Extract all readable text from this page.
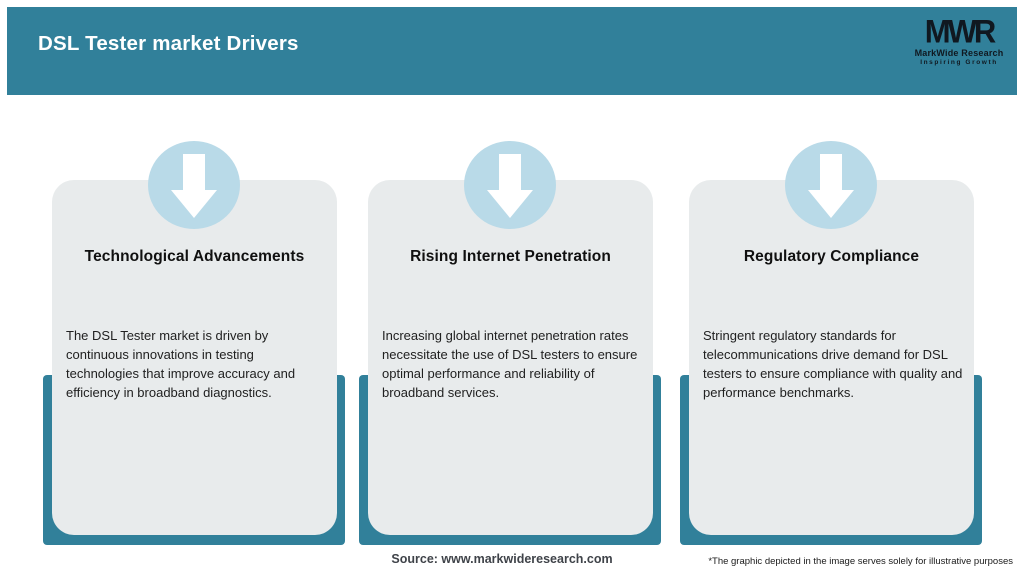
DSL Tester market Drivers	MWR
MarkWide Research
Inspiring Growth
Technological Advancements
The DSL Tester market is driven by continuous innovations in testing technologies that improve accuracy and efficiency in broadband diagnostics.
Rising Internet Penetration
Increasing global internet penetration rates necessitate the use of DSL testers to ensure optimal performance and reliability of broadband services.
Regulatory Compliance
Stringent regulatory standards for telecommunications drive demand for DSL testers to ensure compliance with quality and performance benchmarks.
Source: www.markwideresearch.com	*The graphic depicted in the image serves solely for illustrative purposes
